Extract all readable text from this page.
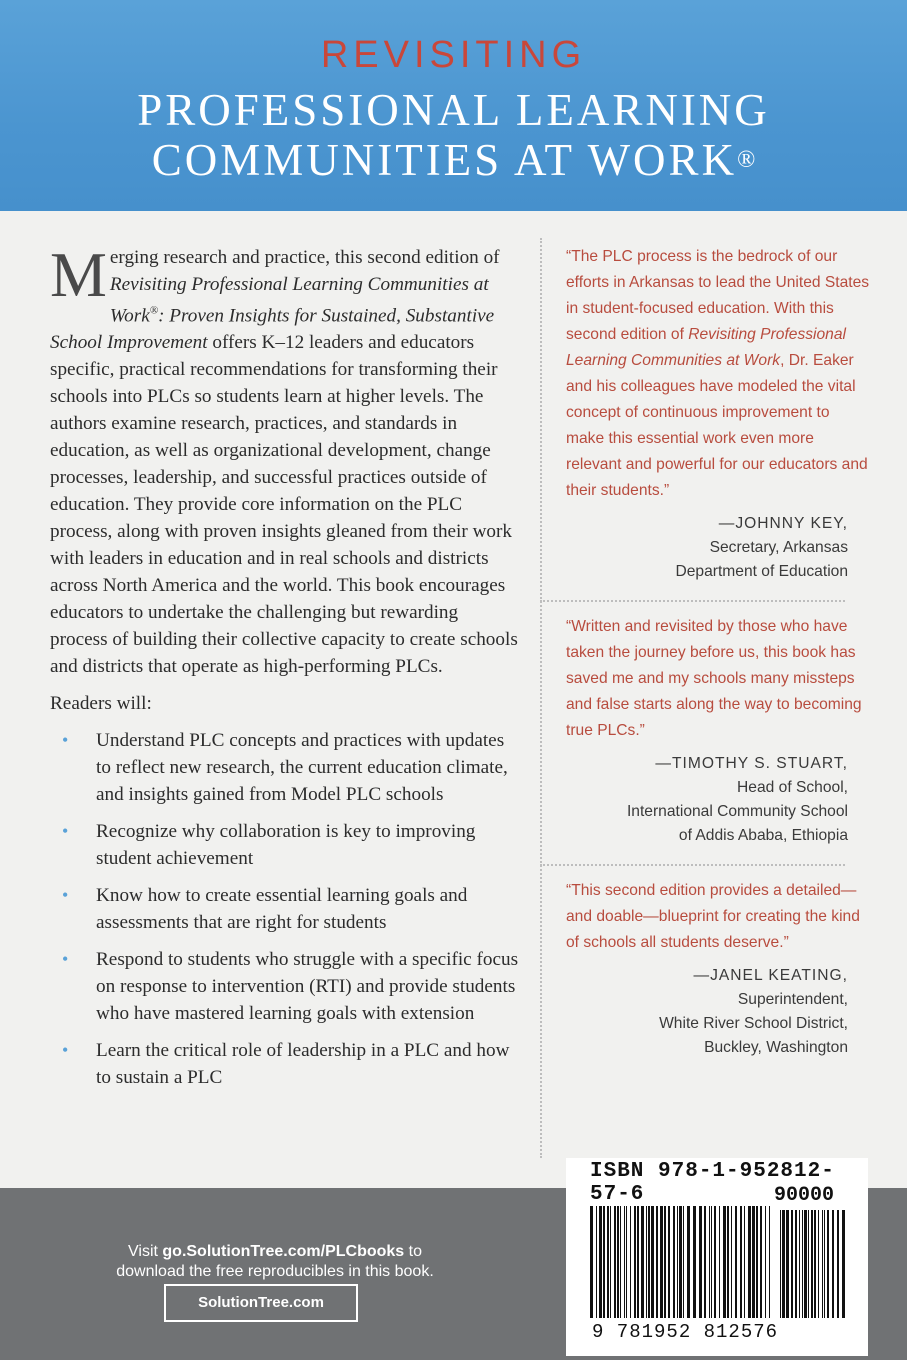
REVISITING
PROFESSIONAL LEARNING
COMMUNITIES AT WORK®

Merging research and practice, this second edition of Revisiting Professional Learning Communities at Work®: Proven Insights for Sustained, Substantive School Improvement offers K–12 leaders and educators specific, practical recommendations for transforming their schools into PLCs so students learn at higher levels. The authors examine research, practices, and standards in education, as well as organizational development, change processes, leadership, and successful practices outside of education. They provide core information on the PLC process, along with proven insights gleaned from their work with leaders in education and in real schools and districts across North America and the world. This book encourages educators to undertake the challenging but rewarding process of building their collective capacity to create schools and districts that operate as high-performing PLCs.

Readers will:

• Understand PLC concepts and practices with updates to reflect new research, the current education climate, and insights gained from Model PLC schools
• Recognize why collaboration is key to improving student achievement
• Know how to create essential learning goals and assessments that are right for students
• Respond to students who struggle with a specific focus on response to intervention (RTI) and provide students who have mastered learning goals with extension
• Learn the critical role of leadership in a PLC and how to sustain a PLC

“The PLC process is the bedrock of our efforts in Arkansas to lead the United States in student-focused education. With this second edition of Revisiting Professional Learning Communities at Work, Dr. Eaker and his colleagues have modeled the vital concept of continuous improvement to make this essential work even more relevant and powerful for our educators and their students.”

—JOHNNY KEY,
Secretary, Arkansas
Department of Education

“Written and revisited by those who have taken the journey before us, this book has saved me and my schools many missteps and false starts along the way to becoming true PLCs.”

—TIMOTHY S. STUART,
Head of School,
International Community School
of Addis Ababa, Ethiopia

“This second edition provides a detailed—and doable—blueprint for creating the kind of schools all students deserve.”

—JANEL KEATING,
Superintendent,
White River School District,
Buckley, Washington
Visit go.SolutionTree.com/PLCbooks to
download the free reproducibles in this book.
SolutionTree.com
ISBN 978-1-952812-57-6	90000
9 781952 812576
